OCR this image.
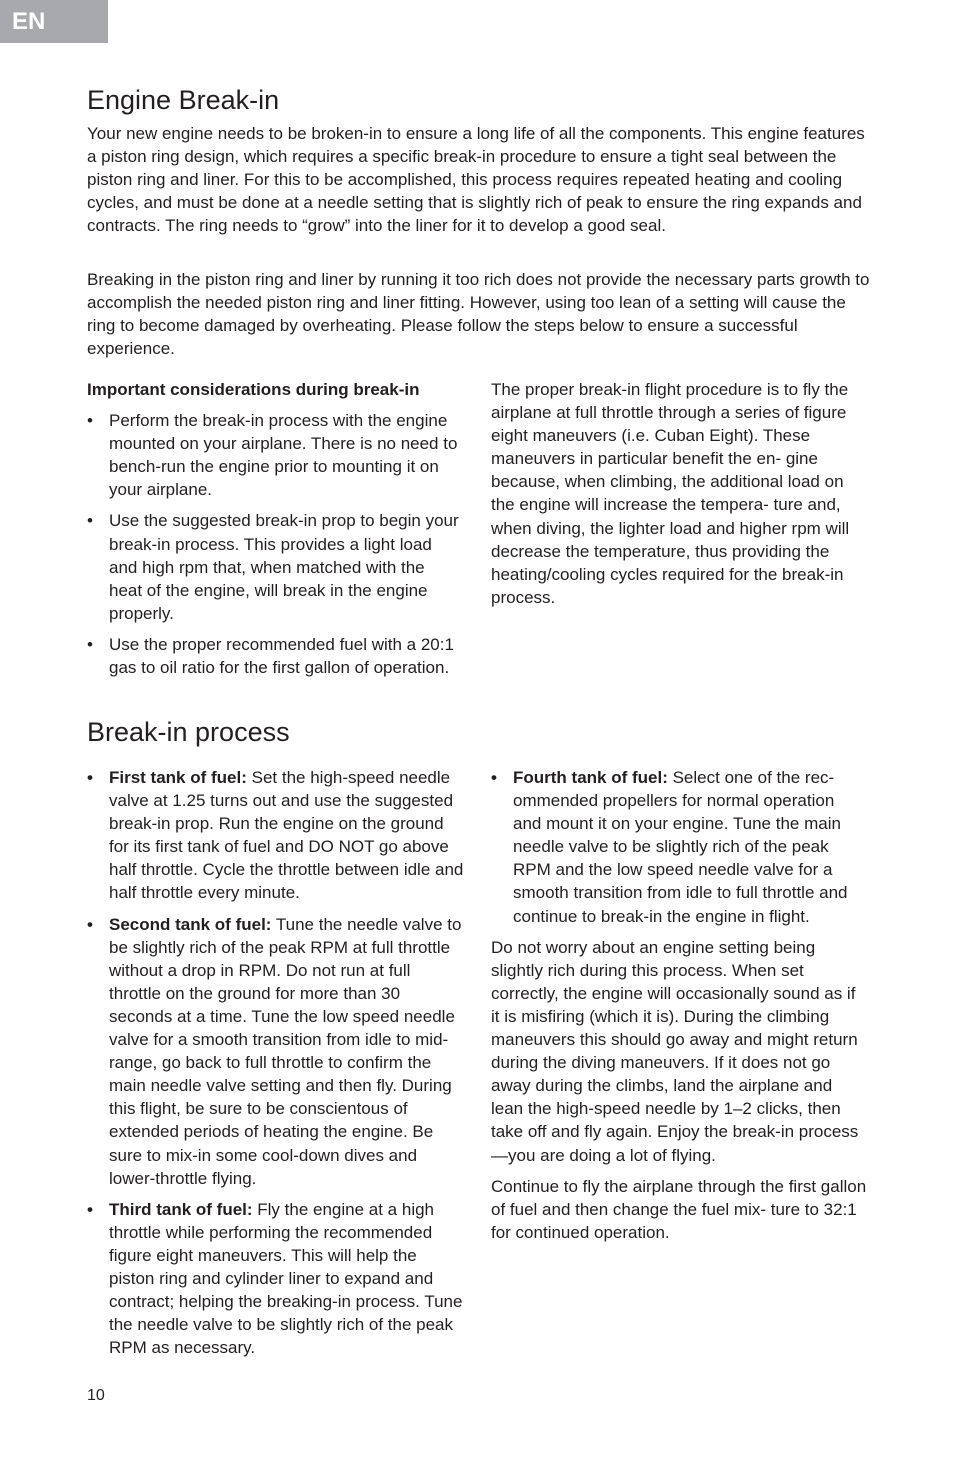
EN
Engine Break-in

Your new engine needs to be broken-in to ensure a long life of all the components. This engine features a piston ring design, which requires a specific break-in procedure to ensure a tight seal between the piston ring and liner. For this to be accomplished, this process requires repeated heating and cooling cycles, and must be done at a needle setting that is slightly rich of peak to ensure the ring expands and contracts. The ring needs to “grow” into the liner for it to develop a good seal.

Breaking in the piston ring and liner by running it too rich does not provide the necessary parts growth to accomplish the needed piston ring and liner fitting. However, using too lean of a setting will cause the ring to become damaged by overheating. Please follow the steps below to ensure a successful experience.

Important considerations during break-in

• Perform the break-in process with the engine mounted on your airplane. There is no need to bench-run the engine prior to mounting it on your airplane.
• Use the suggested break-in prop to begin your break-in process. This provides a light load and high rpm that, when matched with the heat of the engine, will break in the engine properly.
• Use the proper recommended fuel with a 20:1 gas to oil ratio for the first gallon of operation.

The proper break-in flight procedure is to fly the airplane at full throttle through a series of figure eight maneuvers (i.e. Cuban Eight). These maneuvers in particular benefit the en- gine because, when climbing, the additional load on the engine will increase the tempera- ture and, when diving, the lighter load and higher rpm will decrease the temperature, thus providing the heating/cooling cycles required for the break-in process.

Break-in process
• First tank of fuel: Set the high-speed needle valve at 1.25 turns out and use the suggested break-in prop. Run the engine on the ground for its first tank of fuel and DO NOT go above half throttle. Cycle the throttle between idle and half throttle every minute.
• Second tank of fuel: Tune the needle valve to be slightly rich of the peak RPM at full throttle without a drop in RPM. Do not run at full throttle on the ground for more than 30 seconds at a time. Tune the low speed needle valve for a smooth transition from idle to mid-range, go back to full throttle to confirm the main needle valve setting and then fly. During this flight, be sure to be conscientous of extended periods of heating the engine. Be sure to mix-in some cool-down dives and lower-throttle flying.
• Third tank of fuel: Fly the engine at a high throttle while performing the recommended figure eight maneuvers. This will help the piston ring and cylinder liner to expand and contract; helping the breaking-in process. Tune the needle valve to be slightly rich of the peak RPM as necessary.
• Fourth tank of fuel: Select one of the rec- ommended propellers for normal operation and mount it on your engine. Tune the main needle valve to be slightly rich of the peak RPM and the low speed needle valve for a smooth transition from idle to full throttle and continue to break-in the engine in flight.

Do not worry about an engine setting being slightly rich during this process. When set correctly, the engine will occasionally sound as if it is misfiring (which it is). During the climbing maneuvers this should go away and might return during the diving maneuvers. If it does not go away during the climbs, land the airplane and lean the high-speed needle by 1–2 clicks, then take off and fly again. Enjoy the break-in process—you are doing a lot of flying.

Continue to fly the airplane through the first gallon of fuel and then change the fuel mix- ture to 32:1 for continued operation.

10
